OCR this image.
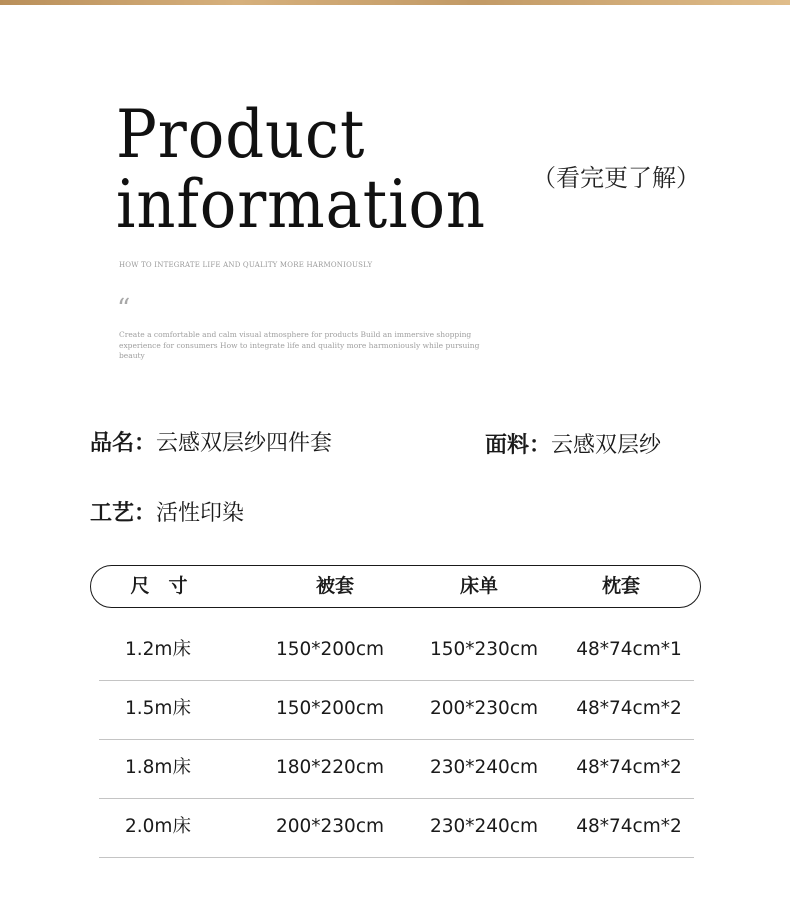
Product
information （看完更了解）
HOW TO INTEGRATE LIFE AND QUALITY MORE HARMONIOUSLY
“
Create a comfortable and calm visual atmosphere for products Build an immersive shopping experience for consumers How to integrate life and quality more harmoniously while pursuing beauty
品名：云感双层纱四件套	面料：云感双层纱
工艺：活性印染
尺　寸	被套	床单	枕套
1.2m床	150*200cm	150*230cm	48*74cm*1
1.5m床	150*200cm	200*230cm	48*74cm*2
1.8m床	180*220cm	230*240cm	48*74cm*2
2.0m床	200*230cm	230*240cm	48*74cm*2
